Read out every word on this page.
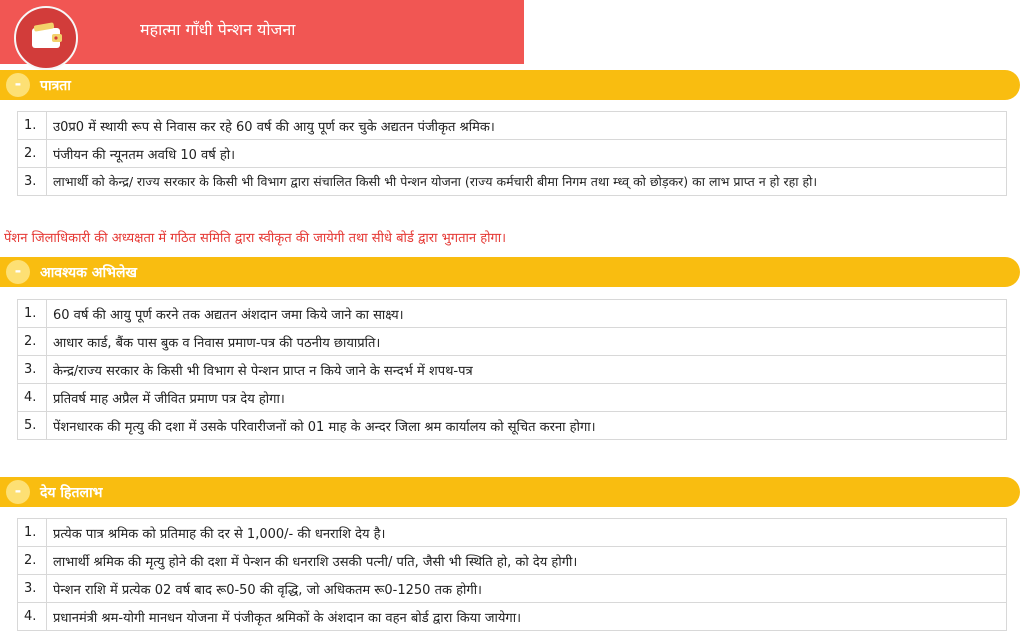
महात्मा गाँधी पेन्शन योजना
-	पात्रता
1.	उ0प्र0 में स्थायी रूप से निवास कर रहे 60 वर्ष की आयु पूर्ण कर चुके अद्यतन पंजीकृत श्रमिक।
2.	पंजीयन की न्यूनतम अवधि 10 वर्ष हो।
3.	लाभार्थी को केन्द्र/ राज्य सरकार के किसी भी विभाग द्वारा संचालित किसी भी पेन्शन योजना (राज्य कर्मचारी बीमा निगम तथा म्ध्व् को छोड़कर) का लाभ प्राप्त न हो रहा हो।
पेंशन जिलाधिकारी की अध्यक्षता में गठित समिति द्वारा स्वीकृत की जायेगी तथा सीधे बोर्ड द्वारा भुगतान होगा।
-	आवश्यक अभिलेख
1.	60 वर्ष की आयु पूर्ण करने तक अद्यतन अंशदान जमा किये जाने का साक्ष्य।
2.	आधार कार्ड, बैंक पास बुक व निवास प्रमाण-पत्र की पठनीय छायाप्रति।
3.	केन्द्र/राज्य सरकार के किसी भी विभाग से पेन्शन प्राप्त न किये जाने के सन्दर्भ में शपथ-पत्र
4.	प्रतिवर्ष माह अप्रैल में जीवित प्रमाण पत्र देय होगा।
5.	पेंशनधारक की मृत्यु की दशा में उसके परिवारीजनों को 01 माह के अन्दर जिला श्रम कार्यालय को सूचित करना होगा।
-	देय हितलाभ
1.	प्रत्येक पात्र श्रमिक को प्रतिमाह की दर से 1,000/- की धनराशि देय है।
2.	लाभार्थी श्रमिक की मृत्यु होने की दशा में पेन्शन की धनराशि उसकी पत्नी/ पति, जैसी भी स्थिति हो, को देय होगी।
3.	पेन्शन राशि में प्रत्येक 02 वर्ष बाद रू0-50 की वृद्धि, जो अधिकतम रू0-1250 तक होगी।
4.	प्रधानमंत्री श्रम-योगी मानधन योजना में पंजीकृत श्रमिकों के अंशदान का वहन बोर्ड द्वारा किया जायेगा।
